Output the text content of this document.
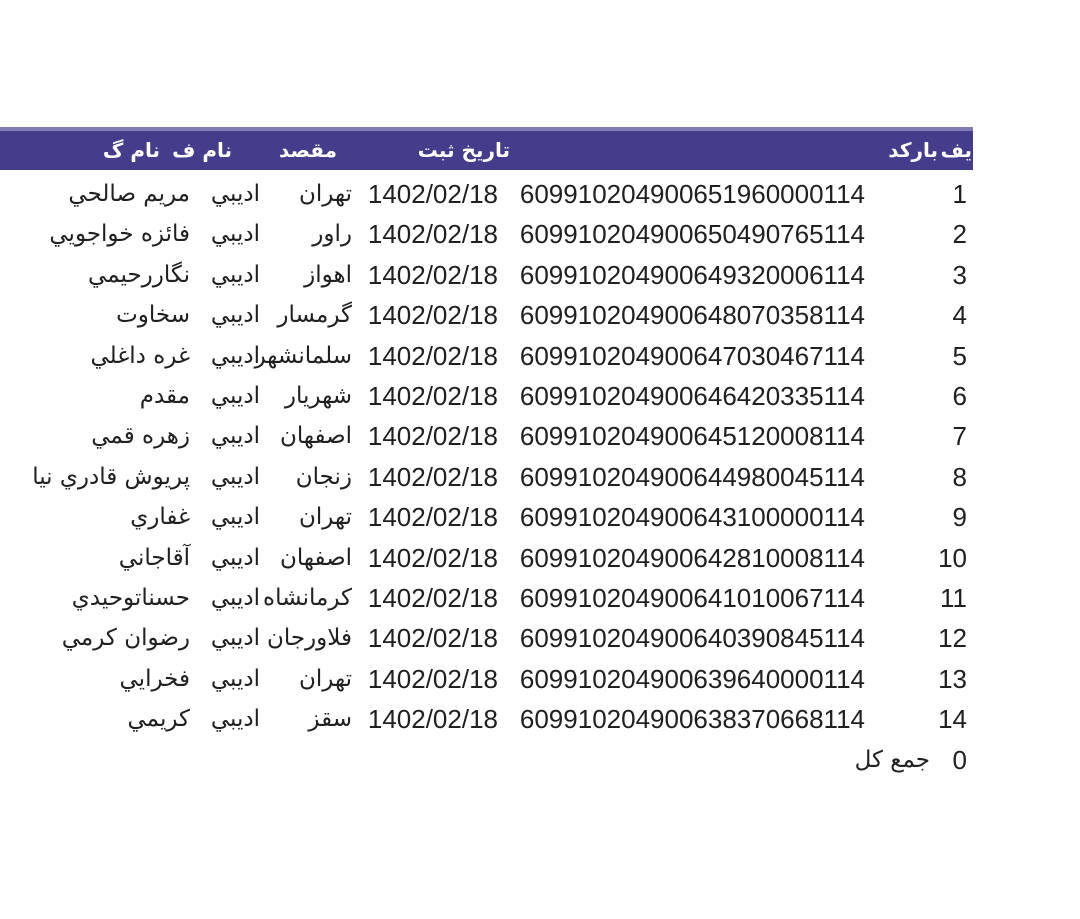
یف
بارکد
تاریخ ثبت
مقصد
نام ف
نام گ
1
609910204900651960000114
1402/02/18
تهران
اديبي
مريم صالحي
2
609910204900650490765114
1402/02/18
راور
اديبي
فائزه خواجويي
3
609910204900649320006114
1402/02/18
اهواز
اديبي
نگاررحيمي
4
609910204900648070358114
1402/02/18
گرمسار
اديبي
سخاوت
5
609910204900647030467114
1402/02/18
سلمانشهر
اديبي
غره داغلي
6
609910204900646420335114
1402/02/18
شهريار
اديبي
مقدم
7
609910204900645120008114
1402/02/18
اصفهان
اديبي
زهره قمي
8
609910204900644980045114
1402/02/18
زنجان
اديبي
پريوش قادري نيا
9
609910204900643100000114
1402/02/18
تهران
اديبي
غفاري
10
609910204900642810008114
1402/02/18
اصفهان
اديبي
آقاجاني
11
609910204900641010067114
1402/02/18
كرمانشاه
اديبي
حسناتوحيدي
12
609910204900640390845114
1402/02/18
فلاورجان
اديبي
رضوان كرمي
13
609910204900639640000114
1402/02/18
تهران
اديبي
فخرايي
14
609910204900638370668114
1402/02/18
سقز
اديبي
كريمي
0
جمع کل
